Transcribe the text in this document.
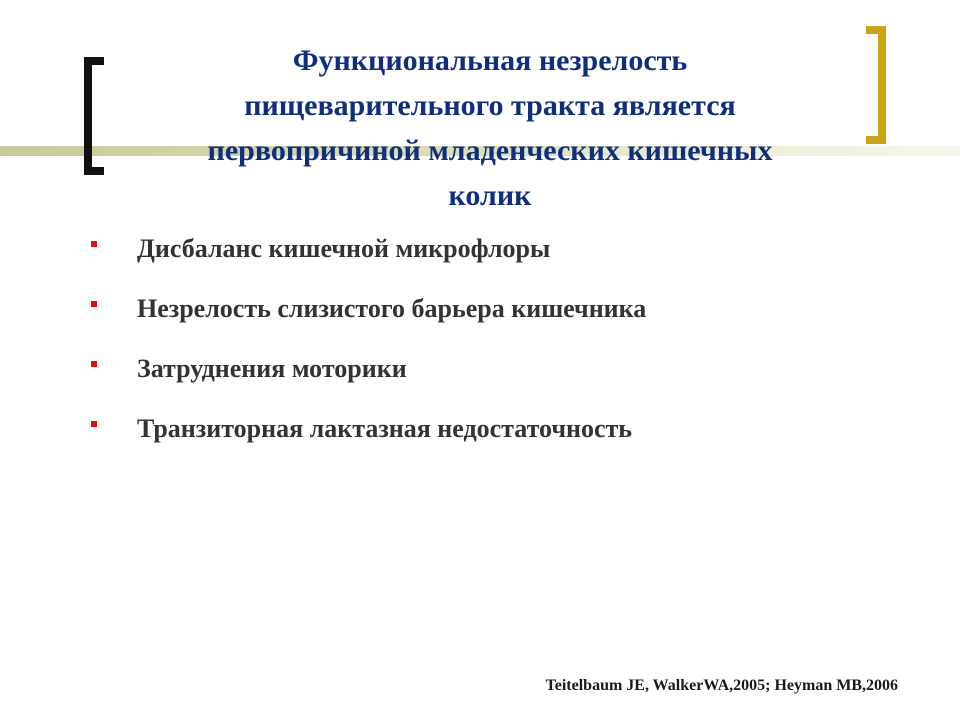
Функциональная незрелость
пищеварительного тракта является
первопричиной младенческих кишечных
колик
Дисбаланс кишечной микрофлоры
Незрелость слизистого барьера кишечника
Затруднения моторики
Транзиторная лактазная недостаточность
Teitelbaum JE, WalkerWA,2005; Heyman MB,2006
